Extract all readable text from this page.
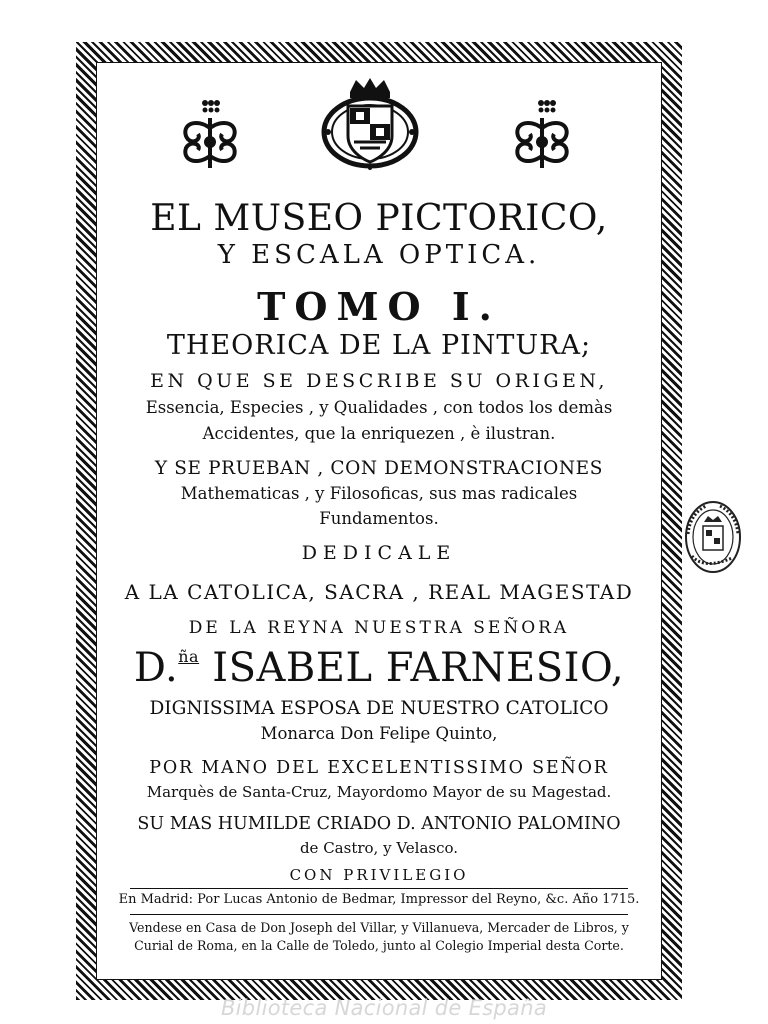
EL MUSEO PICTORICO,
Y ESCALA OPTICA.
TOMO I.
THEORICA DE LA PINTURA;
EN QUE SE DESCRIBE SU ORIGEN,
Essencia, Especies , y Qualidades , con todos los demàs
Accidentes, que la enriquezen , è ilustran.
Y SE PRUEBAN , CON DEMONSTRACIONES
Mathematicas , y Filosoficas, sus mas radicales
Fundamentos.
DEDICALE
A LA CATOLICA, SACRA , REAL MAGESTAD
DE LA REYNA NUESTRA SEÑORA
D.$^{ña}$ ISABEL FARNESIO,
DIGNISSIMA ESPOSA DE NUESTRO CATOLICO
Monarca Don Felipe Quinto,
POR MANO DEL EXCELENTISSIMO SEÑOR
Marquès de Santa-Cruz, Mayordomo Mayor de su Magestad.
SU MAS HUMILDE CRIADO D. ANTONIO PALOMINO
de Castro, y Velasco.
CON PRIVILEGIO
En Madrid: Por Lucas Antonio de Bedmar, Impressor del Reyno, &c. Año 1715.
Vendese en Casa de Don Joseph del Villar, y Villanueva, Mercader de Libros, y
Curial de Roma, en la Calle de Toledo, junto al Colegio Imperial desta Corte.
Biblioteca Nacional de España
